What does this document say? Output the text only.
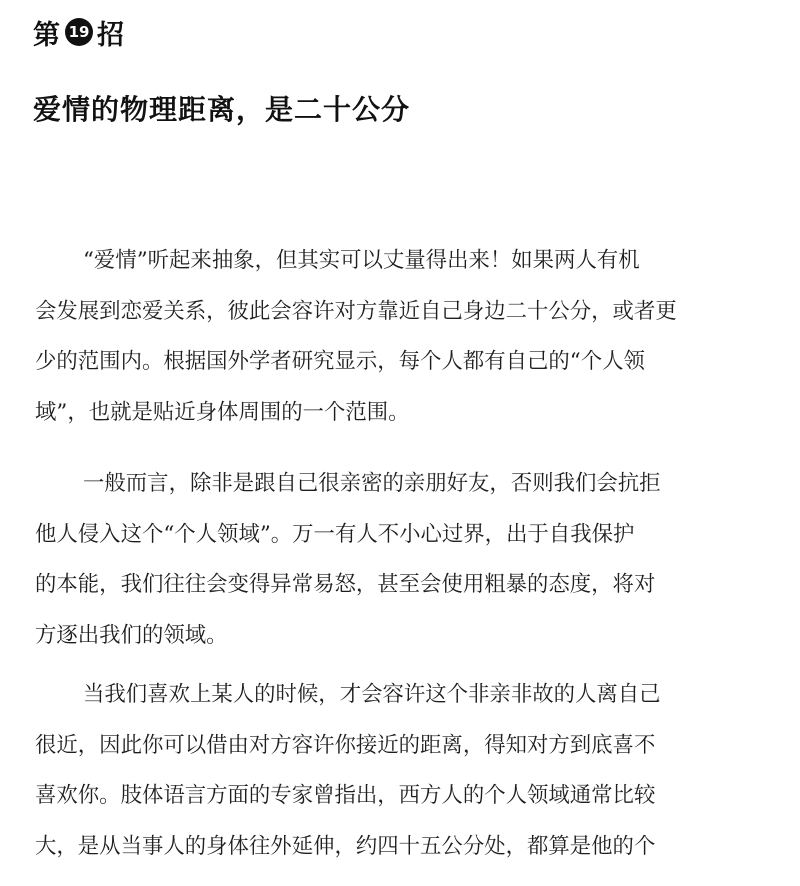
第 19 招
爱情的物理距离，是二十公分

“爱情”听起来抽象，但其实可以丈量得出来！如果两人有机
会发展到恋爱关系，彼此会容许对方靠近自己身边二十公分，或者更
少的范围内。根据国外学者研究显示，每个人都有自己的“个人领
域”，也就是贴近身体周围的一个范围。

一般而言，除非是跟自己很亲密的亲朋好友，否则我们会抗拒
他人侵入这个“个人领域”。万一有人不小心过界，出于自我保护
的本能，我们往往会变得异常易怒，甚至会使用粗暴的态度，将对
方逐出我们的领域。

当我们喜欢上某人的时候，才会容许这个非亲非故的人离自己
很近，因此你可以借由对方容许你接近的距离，得知对方到底喜不
喜欢你。肢体语言方面的专家曾指出，西方人的个人领域通常比较
大，是从当事人的身体往外延伸，约四十五公分处，都算是他的个
